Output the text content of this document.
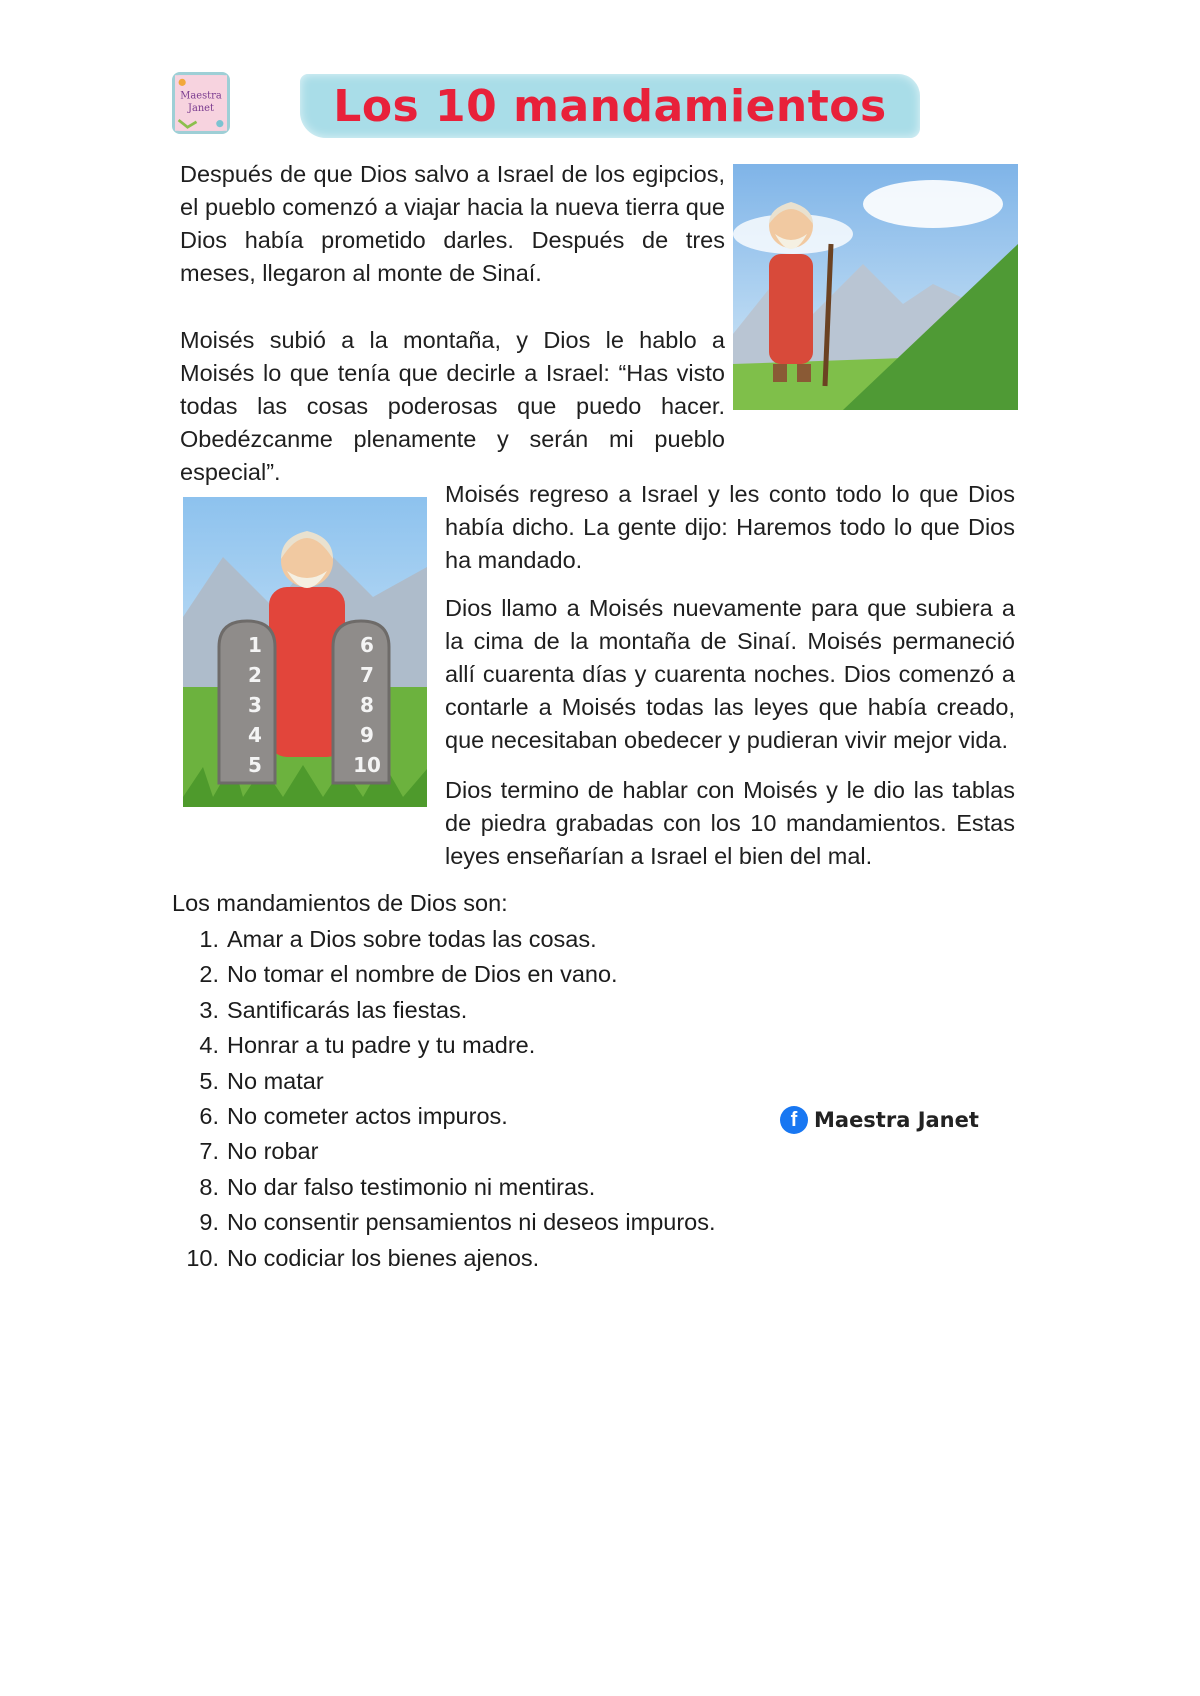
Maestra
Janet	Los 10 mandamientos

Después de que Dios salvo a Israel de los egipcios, el pueblo comenzó a viajar hacia la nueva tierra que Dios había prometido darles. Después de tres meses, llegaron al monte de Sinaí.

Moisés subió a la montaña, y Dios le hablo a Moisés lo que tenía que decirle a Israel: “Has visto todas las cosas poderosas que puedo hacer. Obedézcanme plenamente y serán mi pueblo especial”.

1
2
3
4
5
6
7
8
9
10

Moisés regreso a Israel y les conto todo lo que Dios había dicho. La gente dijo: Haremos todo lo que Dios ha mandado.

Dios llamo a Moisés nuevamente para que subiera a la cima de la montaña de Sinaí. Moisés permaneció allí cuarenta días y cuarenta noches. Dios comenzó a contarle a Moisés todas las leyes que había creado, que necesitaban obedecer y pudieran vivir mejor vida.

Dios termino de hablar con Moisés y le dio las tablas de piedra grabadas con los 10 mandamientos. Estas leyes enseñarían a Israel el bien del mal.

Los mandamientos de Dios son:
1. Amar a Dios sobre todas las cosas.
2. No tomar el nombre de Dios en vano.
3. Santificarás las fiestas.
4. Honrar a tu padre y tu madre.
5. No matar
6. No cometer actos impuros.
7. No robar
8. No dar falso testimonio ni mentiras.
9. No consentir pensamientos ni deseos impuros.
10. No codiciar los bienes ajenos.
f Maestra Janet
